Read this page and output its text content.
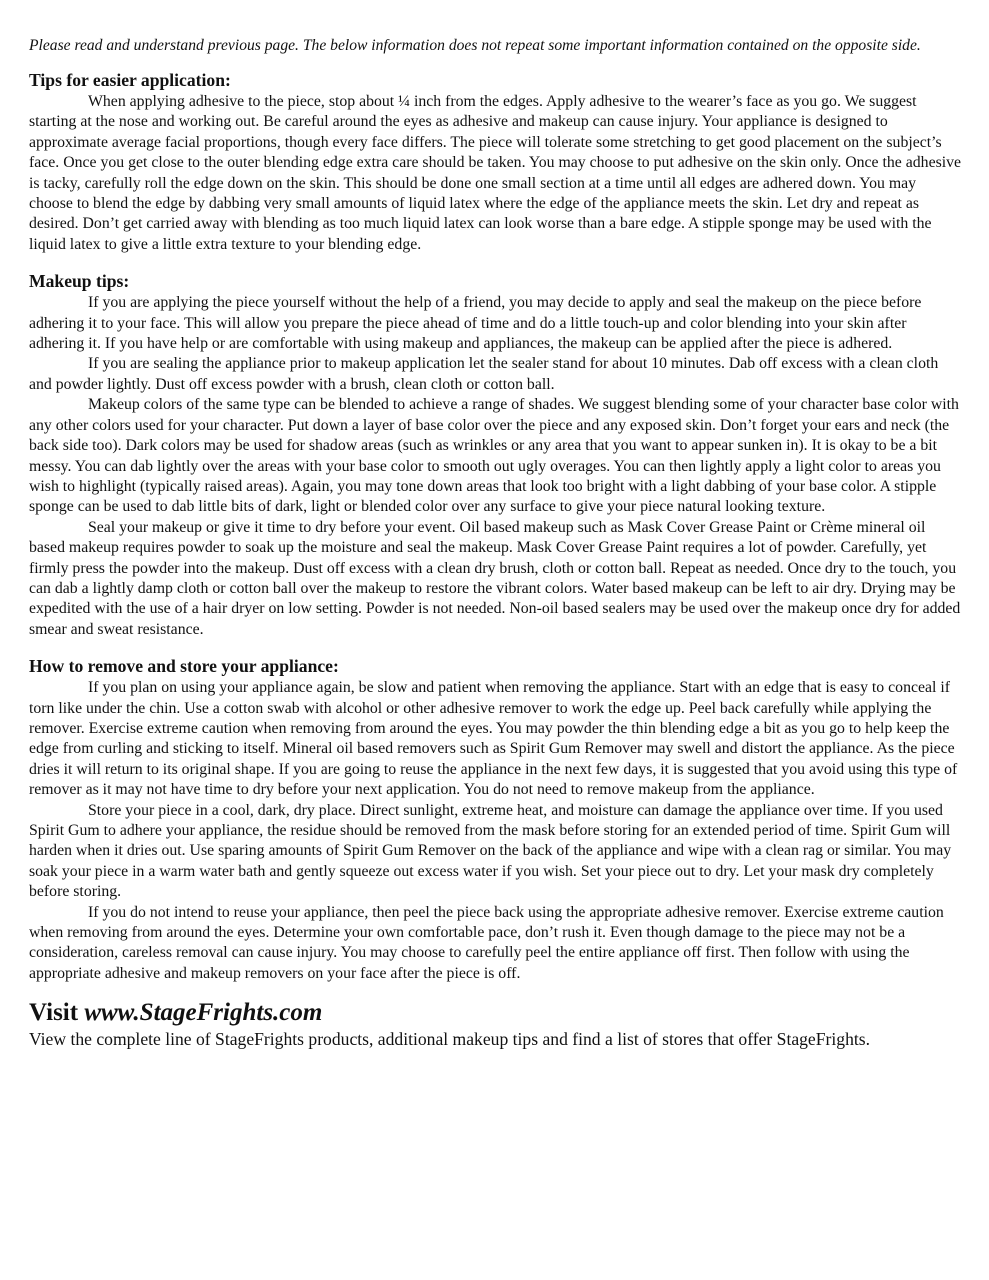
Please read and understand previous page. The below information does not repeat some important information contained on the opposite side.

Tips for easier application:

When applying adhesive to the piece, stop about ¼ inch from the edges. Apply adhesive to the wearer’s face as you go. We suggest starting at the nose and working out. Be careful around the eyes as adhesive and makeup can cause injury. Your appliance is designed to approximate average facial proportions, though every face differs. The piece will tolerate some stretching to get good placement on the subject’s face. Once you get close to the outer blending edge extra care should be taken. You may choose to put adhesive on the skin only. Once the adhesive is tacky, carefully roll the edge down on the skin. This should be done one small section at a time until all edges are adhered down. You may choose to blend the edge by dabbing very small amounts of liquid latex where the edge of the appliance meets the skin. Let dry and repeat as desired. Don’t get carried away with blending as too much liquid latex can look worse than a bare edge. A stipple sponge may be used with the liquid latex to give a little extra texture to your blending edge.

Makeup tips:

If you are applying the piece yourself without the help of a friend, you may decide to apply and seal the makeup on the piece before adhering it to your face. This will allow you prepare the piece ahead of time and do a little touch-up and color blending into your skin after adhering it. If you have help or are comfortable with using makeup and appliances, the makeup can be applied after the piece is adhered.

If you are sealing the appliance prior to makeup application let the sealer stand for about 10 minutes. Dab off excess with a clean cloth and powder lightly. Dust off excess powder with a brush, clean cloth or cotton ball.

Makeup colors of the same type can be blended to achieve a range of shades. We suggest blending some of your character base color with any other colors used for your character. Put down a layer of base color over the piece and any exposed skin. Don’t forget your ears and neck (the back side too). Dark colors may be used for shadow areas (such as wrinkles or any area that you want to appear sunken in). It is okay to be a bit messy. You can dab lightly over the areas with your base color to smooth out ugly overages. You can then lightly apply a light color to areas you wish to highlight (typically raised areas). Again, you may tone down areas that look too bright with a light dabbing of your base color. A stipple sponge can be used to dab little bits of dark, light or blended color over any surface to give your piece natural looking texture.

Seal your makeup or give it time to dry before your event. Oil based makeup such as Mask Cover Grease Paint or Crème mineral oil based makeup requires powder to soak up the moisture and seal the makeup. Mask Cover Grease Paint requires a lot of powder. Carefully, yet firmly press the powder into the makeup. Dust off excess with a clean dry brush, cloth or cotton ball. Repeat as needed. Once dry to the touch, you can dab a lightly damp cloth or cotton ball over the makeup to restore the vibrant colors. Water based makeup can be left to air dry. Drying may be expedited with the use of a hair dryer on low setting. Powder is not needed. Non-oil based sealers may be used over the makeup once dry for added smear and sweat resistance.

How to remove and store your appliance:

If you plan on using your appliance again, be slow and patient when removing the appliance. Start with an edge that is easy to conceal if torn like under the chin. Use a cotton swab with alcohol or other adhesive remover to work the edge up. Peel back carefully while applying the remover. Exercise extreme caution when removing from around the eyes. You may powder the thin blending edge a bit as you go to help keep the edge from curling and sticking to itself. Mineral oil based removers such as Spirit Gum Remover may swell and distort the appliance. As the piece dries it will return to its original shape. If you are going to reuse the appliance in the next few days, it is suggested that you avoid using this type of remover as it may not have time to dry before your next application. You do not need to remove makeup from the appliance.

Store your piece in a cool, dark, dry place. Direct sunlight, extreme heat, and moisture can damage the appliance over time. If you used Spirit Gum to adhere your appliance, the residue should be removed from the mask before storing for an extended period of time. Spirit Gum will harden when it dries out. Use sparing amounts of Spirit Gum Remover on the back of the appliance and wipe with a clean rag or similar. You may soak your piece in a warm water bath and gently squeeze out excess water if you wish. Set your piece out to dry. Let your mask dry completely before storing.

If you do not intend to reuse your appliance, then peel the piece back using the appropriate adhesive remover. Exercise extreme caution when removing from around the eyes. Determine your own comfortable pace, don’t rush it. Even though damage to the piece may not be a consideration, careless removal can cause injury. You may choose to carefully peel the entire appliance off first. Then follow with using the appropriate adhesive and makeup removers on your face after the piece is off.

Visit www.StageFrights.com

View the complete line of StageFrights products, additional makeup tips and find a list of stores that offer StageFrights.
